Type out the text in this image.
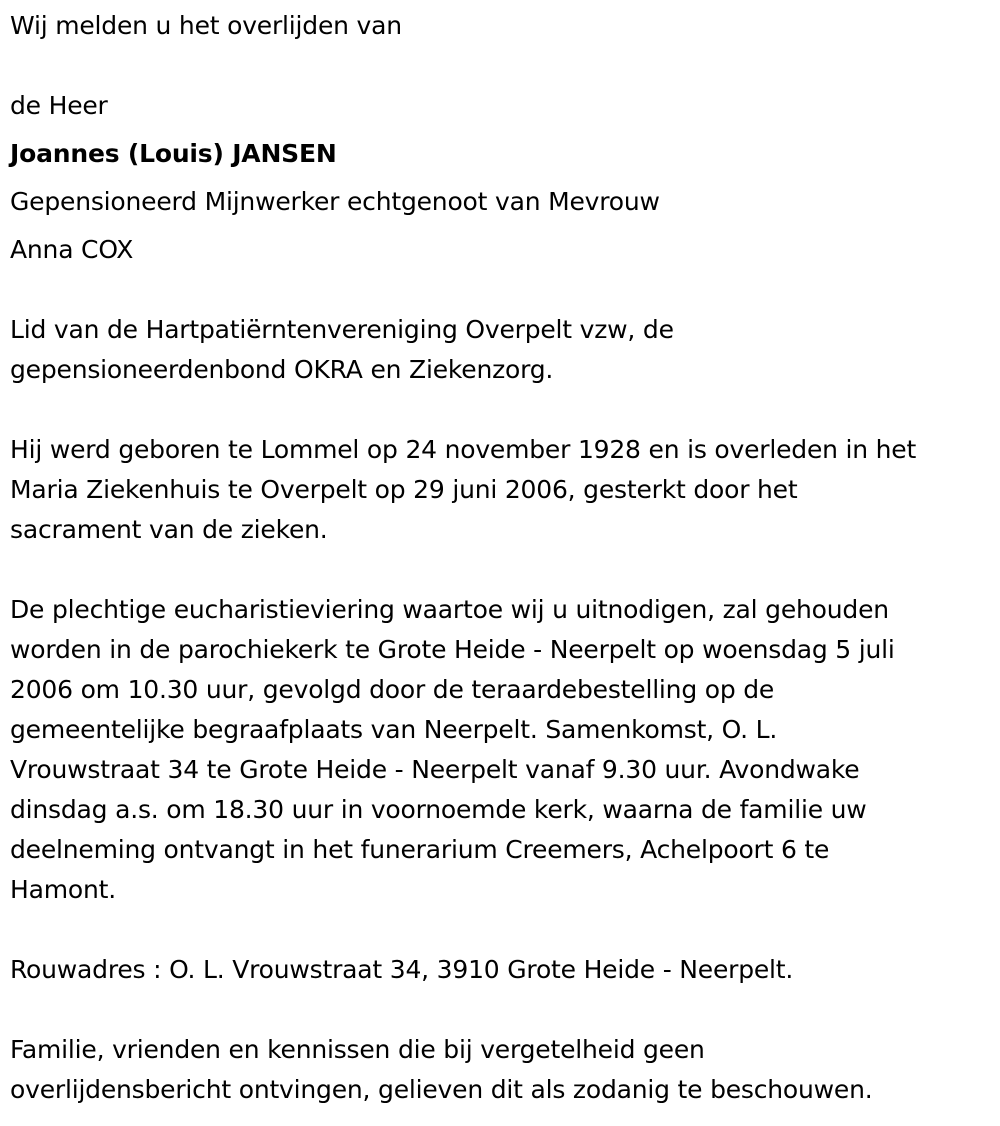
Wij melden u het overlijden van
de Heer
Joannes (Louis) JANSEN
Gepensioneerd Mijnwerker echtgenoot van Mevrouw
Anna COX
Lid van de Hartpatiërntenvereniging Overpelt vzw, de
gepensioneerdenbond OKRA en Ziekenzorg.
Hij werd geboren te Lommel op 24 november 1928 en is overleden in het
Maria Ziekenhuis te Overpelt op 29 juni 2006, gesterkt door het
sacrament van de zieken.
De plechtige eucharistieviering waartoe wij u uitnodigen, zal gehouden
worden in de parochiekerk te Grote Heide - Neerpelt op woensdag 5 juli
2006 om 10.30 uur, gevolgd door de teraardebestelling op de
gemeentelijke begraafplaats van Neerpelt. Samenkomst, O. L.
Vrouwstraat 34 te Grote Heide - Neerpelt vanaf 9.30 uur. Avondwake
dinsdag a.s. om 18.30 uur in voornoemde kerk, waarna de familie uw
deelneming ontvangt in het funerarium Creemers, Achelpoort 6 te
Hamont.
Rouwadres : O. L. Vrouwstraat 34, 3910 Grote Heide - Neerpelt.
Familie, vrienden en kennissen die bij vergetelheid geen
overlijdensbericht ontvingen, gelieven dit als zodanig te beschouwen.
